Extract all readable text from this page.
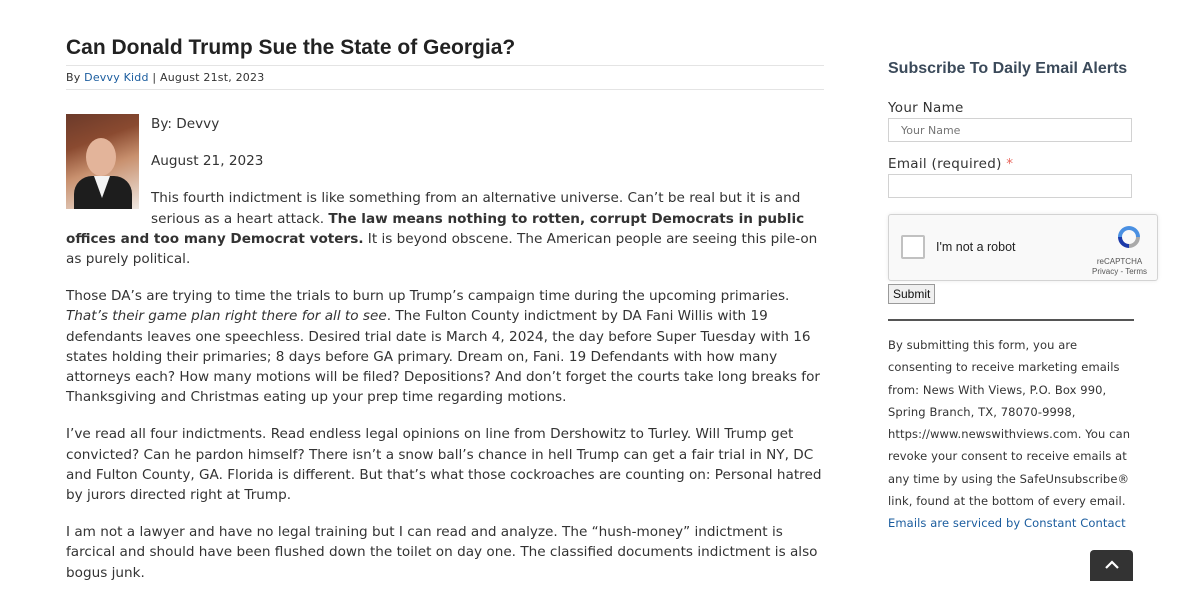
Can Donald Trump Sue the State of Georgia?
By Devvy Kidd | August 21st, 2023

By: Devvy

August 21, 2023

This fourth indictment is like something from an alternative universe. Can’t be real but it is and serious as a heart attack. The law means nothing to rotten, corrupt Democrats in public offices and too many Democrat voters. It is beyond obscene. The American people are seeing this pile-on as purely political.

Those DA’s are trying to time the trials to burn up Trump’s campaign time during the upcoming primaries. That’s their game plan right there for all to see. The Fulton County indictment by DA Fani Willis with 19 defendants leaves one speechless. Desired trial date is March 4, 2024, the day before Super Tuesday with 16 states holding their primaries; 8 days before GA primary. Dream on, Fani. 19 Defendants with how many attorneys each? How many motions will be filed? Depositions? And don’t forget the courts take long breaks for Thanksgiving and Christmas eating up your prep time regarding motions.

I’ve read all four indictments. Read endless legal opinions on line from Dershowitz to Turley. Will Trump get convicted? Can he pardon himself? There isn’t a snow ball’s chance in hell Trump can get a fair trial in NY, DC and Fulton County, GA. Florida is different. But that’s what those cockroaches are counting on: Personal hatred by jurors directed right at Trump.

I am not a lawyer and have no legal training but I can read and analyze. The “hush-money” indictment is farcical and should have been flushed down the toilet on day one. The classified documents indictment is also bogus junk.

Subscribe To Daily Email Alerts
Your Name
Your Name
Email (required) *
I'm not a robot
reCAPTCHA
Privacy - Terms
Submit
By submitting this form, you are consenting to receive marketing emails from: News With Views, P.O. Box 990, Spring Branch, TX, 78070-9998, https://www.newswithviews.com. You can revoke your consent to receive emails at any time by using the SafeUnsubscribe® link, found at the bottom of every email. Emails are serviced by Constant Contact
